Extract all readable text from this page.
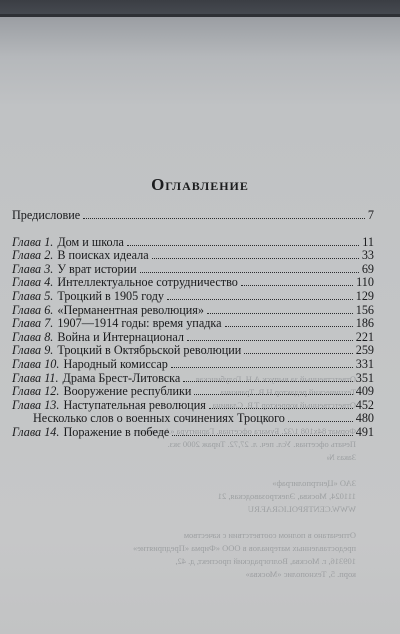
Ответственный за выпуск А.Н. Голубинская
Технический редактор Н.В. Травкина
Ответственный корректор Т.В. Славина

Формат 84х108 1/32. Бумага офсетная. Гарнитура «Антиква».
Печать офсетная. Усл. печ. л. 27,72. Тираж 2000 экз.
Заказ №

ЗАО «Центрполиграф»
111024, Москва, Электрозаводская, 21
WWW.CENTRPOLIGRAF.RU

Отпечатано в полном соответствии с качеством
предоставленных материалов в ООО «Фирма «Предприятие»
109316, г. Москва, Волгоградский проспект, д. 42,
корп. 5, Технополис «Москва»
Оглавление
Предисловие	7
Глава 1. Дом и школа	11
Глава 2. В поисках идеала	33
Глава 3. У врат истории	69
Глава 4. Интеллектуальное сотрудничество	110
Глава 5. Троцкий в 1905 году	129
Глава 6. «Перманентная революция»	156
Глава 7. 1907—1914 годы: время упадка	186
Глава 8. Война и Интернационал	221
Глава 9. Троцкий в Октябрьской революции	259
Глава 10. Народный комиссар	331
Глава 11. Драма Брест-Литовска	351
Глава 12. Вооружение республики	409
Глава 13. Наступательная революция	452
Несколько слов о военных сочинениях Троцкого	480
Глава 14. Поражение в победе	491
